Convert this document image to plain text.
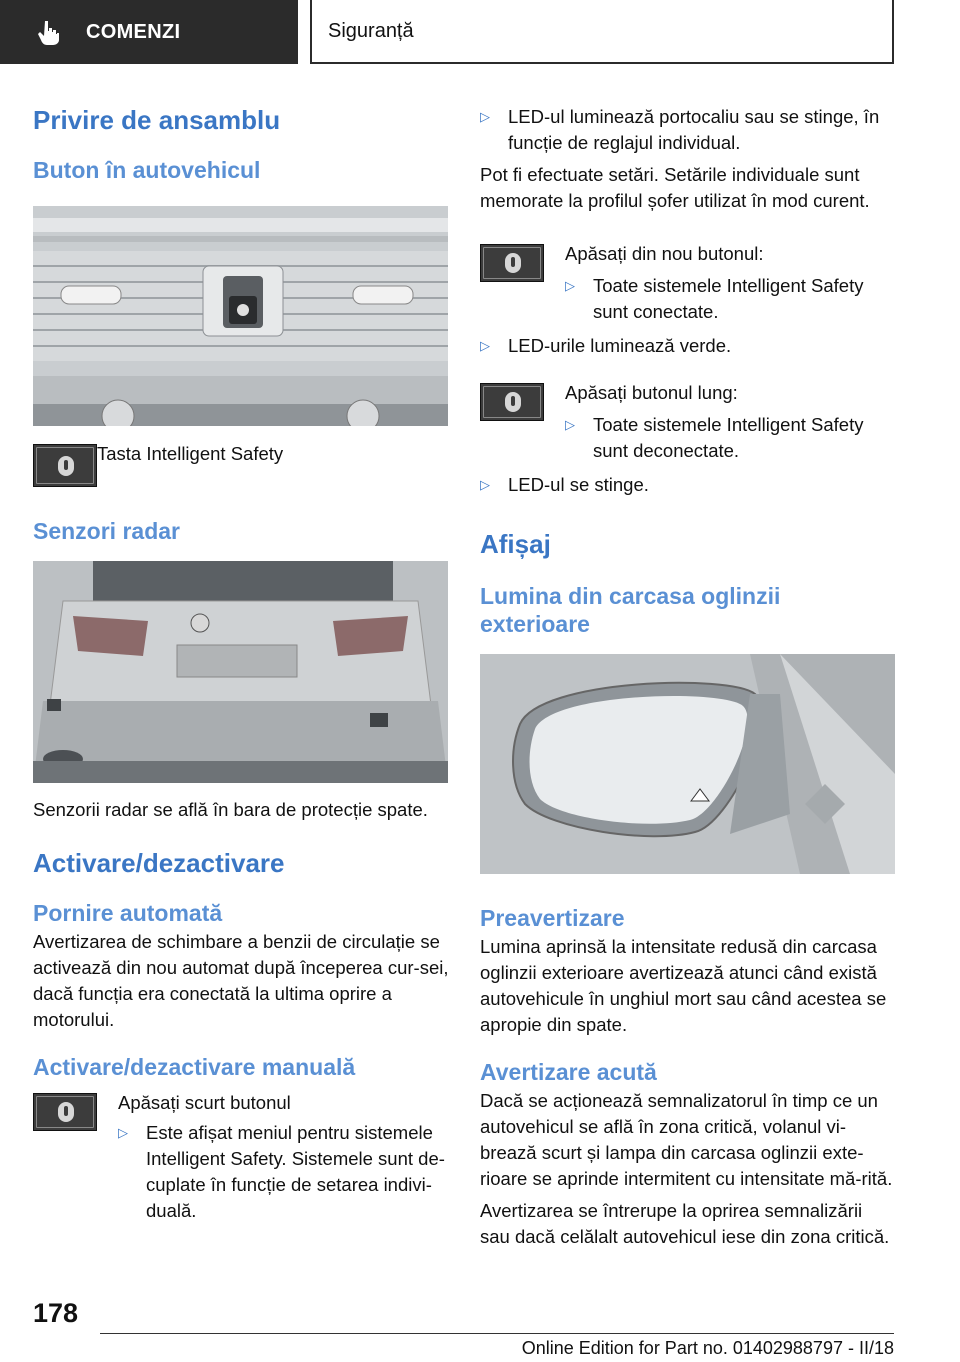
COMENZI	Siguranță
Privire de ansamblu
Buton în autovehicul

Tasta Intelligent Safety

Senzori radar

Senzorii radar se află în bara de protecție spate.

Activare/dezactivare
Pornire automată

Avertizarea de schimbare a benzii de circulație se activează din nou automat după începerea cur-sei, dacă funcția era conectată la ultima oprire a motorului.

Activare/dezactivare manuală

Apăsați scurt butonul

▷ Este afișat meniul pentru sistemele Intelligent Safety. Sistemele sunt de-cuplate în funcție de setarea indivi-duală.
▷ LED-ul luminează portocaliu sau se stinge, în funcție de reglajul individual.

Pot fi efectuate setări. Setările individuale sunt memorate la profilul șofer utilizat în mod curent.

Apăsați din nou butonul:

▷ Toate sistemele Intelligent Safety sunt conectate.
▷ LED-urile luminează verde.

Apăsați butonul lung:

▷ Toate sistemele Intelligent Safety sunt deconectate.
▷ LED-ul se stinge.
Afișaj
Lumina din carcasa oglinzii exterioare
Preavertizare

Lumina aprinsă la intensitate redusă din carcasa oglinzii exterioare avertizează atunci când există autovehicule în unghiul mort sau când acestea se apropie din spate.

Avertizare acută

Dacă se acționează semnalizatorul în timp ce un autovehicul se află în zona critică, volanul vi-brează scurt și lampa din carcasa oglinzii exte-rioare se aprinde intermitent cu intensitate mă-rită.

Avertizarea se întrerupe la oprirea semnalizării sau dacă celălalt autovehicul iese din zona critică.

178
Online Edition for Part no. 01402988797 - II/18
